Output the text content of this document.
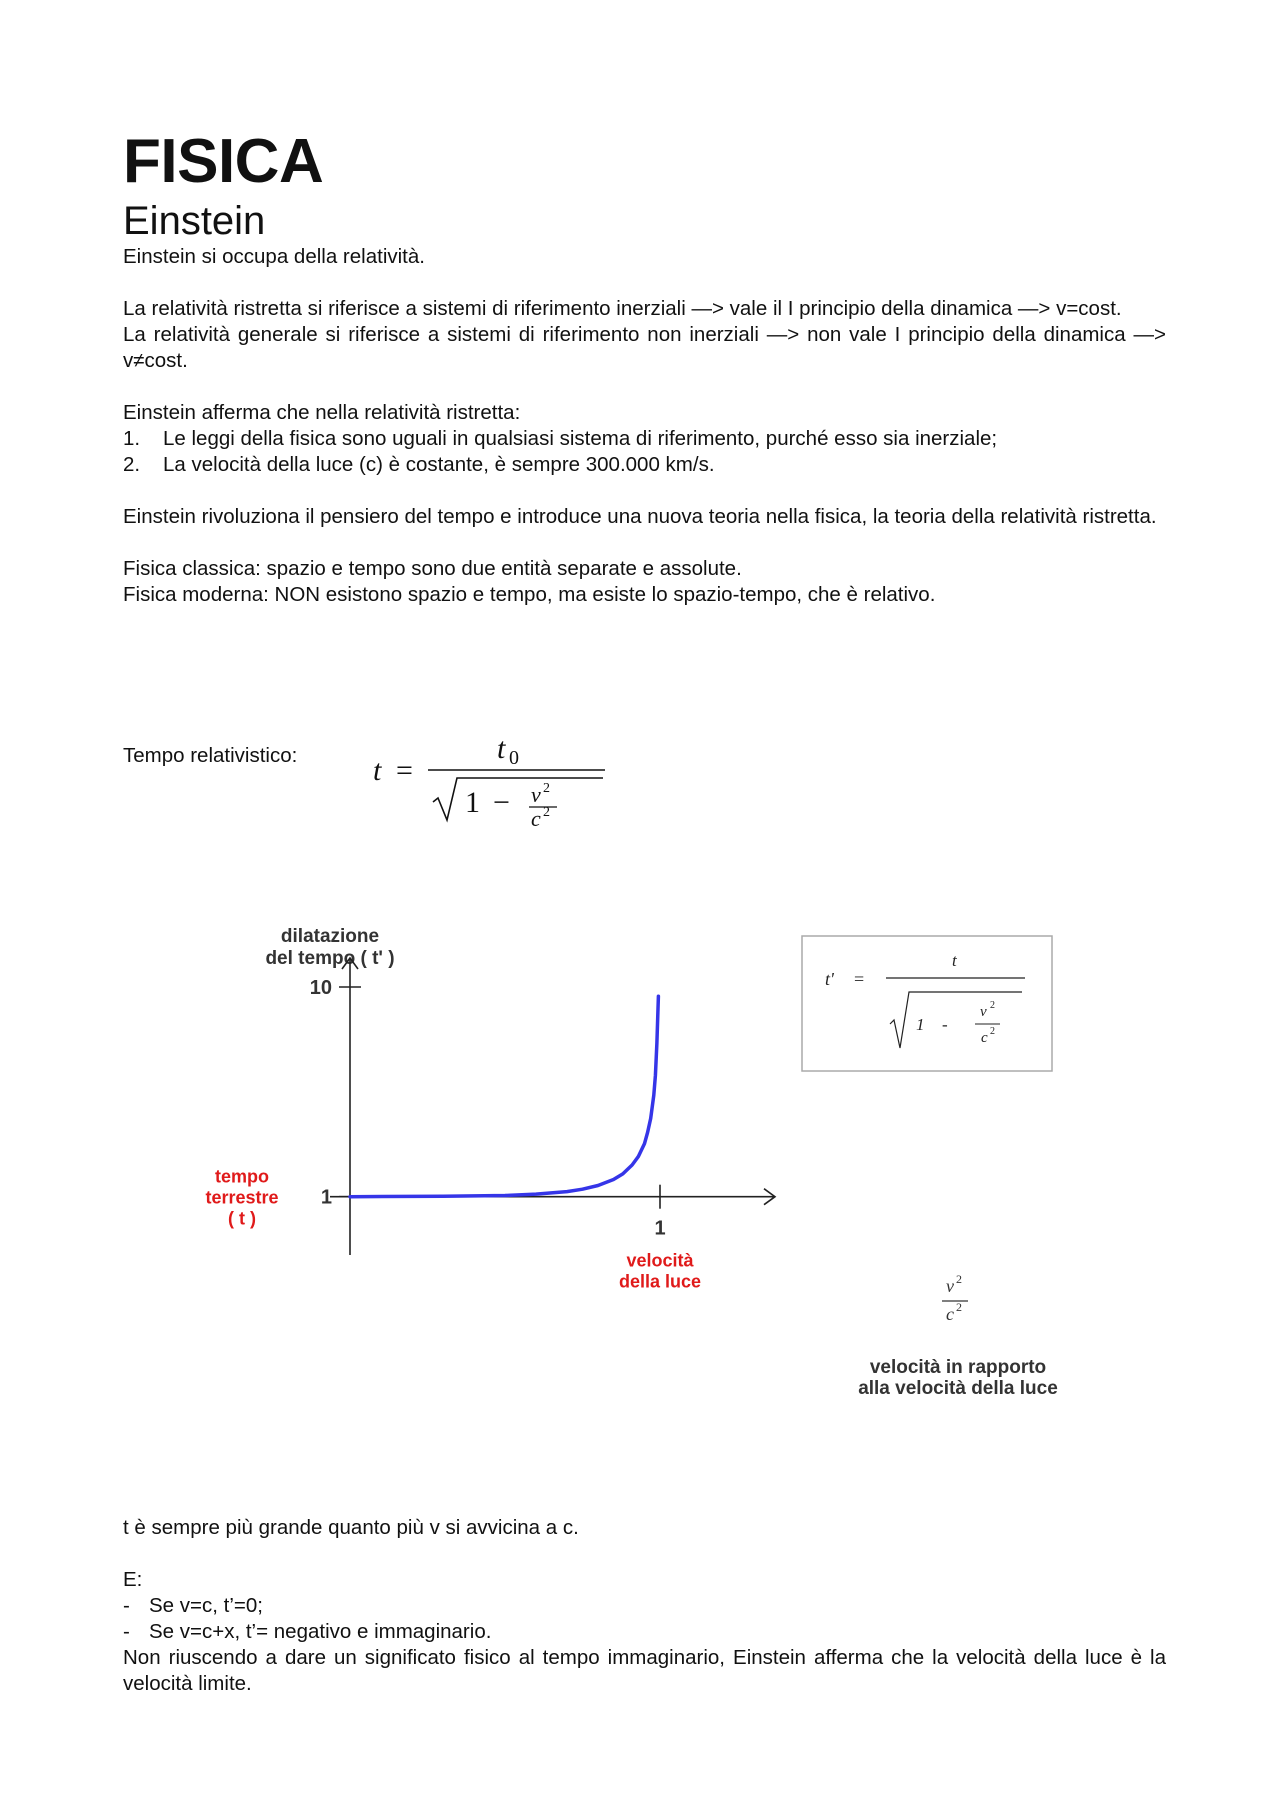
FISICA
Einstein

Einstein si occupa della relatività.

La relatività ristretta si riferisce a sistemi di riferimento inerziali —> vale il I principio della dinamica —> v=cost.

La relatività generale si riferisce a sistemi di riferimento non inerziali —> non vale I principio della dinamica —> v≠cost.

Einstein afferma che nella relatività ristretta:

1.	Le leggi della fisica sono uguali in qualsiasi sistema di riferimento, purché esso sia inerziale;
2.	La velocità della luce (c) è costante, è sempre 300.000 km/s.

Einstein rivoluziona il pensiero del tempo e introduce una nuova teoria nella fisica, la teoria della relatività ristretta.

Fisica classica: spazio e tempo sono due entità separate e assolute.

Fisica moderna: NON esistono spazio e tempo, ma esiste lo spazio-tempo, che è relativo.

Tempo relativistico:	t 0
t =
1 − v 2
c 2
dilatazione
del tempo ( t' )
velocità in rapporto
alla velocità della luce
1
10
1
tempo
terrestre
( t )
velocità
della luce	v 2
c 2
t' =
t
1 -
v 2
c 2

t è sempre più grande quanto più v si avvicina a c.

E:

- Se v=c, t’=0;
- Se v=c+x, t’= negativo e immaginario.

Non riuscendo a dare un significato fisico al tempo immaginario, Einstein afferma che la velocità della luce è la velocità limite.
